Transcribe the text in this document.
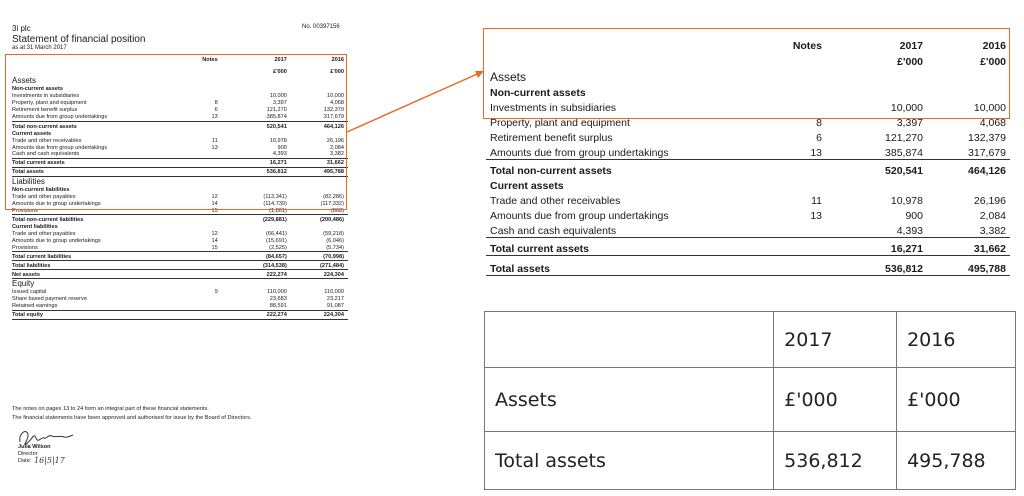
3i plc	No. 00397156
Statement of financial position
as at 31 March 2017
	Notes	2017	2016
		£'000	£'000
Assets			
Non-current assets			
Investments in subsidiaries		10,000	10,000
Property, plant and equipment	8	3,397	4,068
Retirement benefit surplus	6	121,270	132,379
Amounts due from group undertakings	13	385,874	317,679
Total non-current assets		520,541	464,126
Current assets			
Trade and other receivables	11	10,978	26,196
Amounts due from group undertakings	13	900	2,084
Cash and cash equivalents		4,393	3,382
Total current assets		16,271	31,662
Total assets		536,812	495,788
Liabilities			
Non-current liabilities			
Trade and other payables	12	(113,341)	(82,286)
Amounts due to group undertakings	14	(114,739)	(117,332)
Provisions	15	(1,801)	(868)
Total non-current liabilities		(229,881)	(200,486)
Current liabilities			
Trade and other payables	12	(66,441)	(59,218)
Amounts due to group undertakings	14	(15,691)	(6,046)
Provisions	15	(2,525)	(5,734)
Total current liabilities		(84,657)	(70,998)
Total liabilities		(314,538)	(271,484)
Net assets		222,274	224,304
Equity			
Issued capital	9	110,000	110,000
Share based payment reserve		23,683	23,217
Retained earnings		88,591	91,087
Total equity		222,274	224,304
The notes on pages 13 to 24 form an integral part of these financial statements.
The financial statements have been approved and authorised for issue by the Board of Directors.
Julia Wilson
Director
Date: 16|5|17
	Notes	2017	2016
		£'000	£'000
Assets			
Non-current assets			
Investments in subsidiaries		10,000	10,000
Property, plant and equipment	8	3,397	4,068
Retirement benefit surplus	6	121,270	132,379
Amounts due from group undertakings	13	385,874	317,679
Total non-current assets		520,541	464,126
Current assets			
Trade and other receivables	11	10,978	26,196
Amounts due from group undertakings	13	900	2,084
Cash and cash equivalents		4,393	3,382
Total current assets		16,271	31,662
Total assets		536,812	495,788
	2017	2016
Assets	£'000	£'000
Total assets	536,812	495,788
